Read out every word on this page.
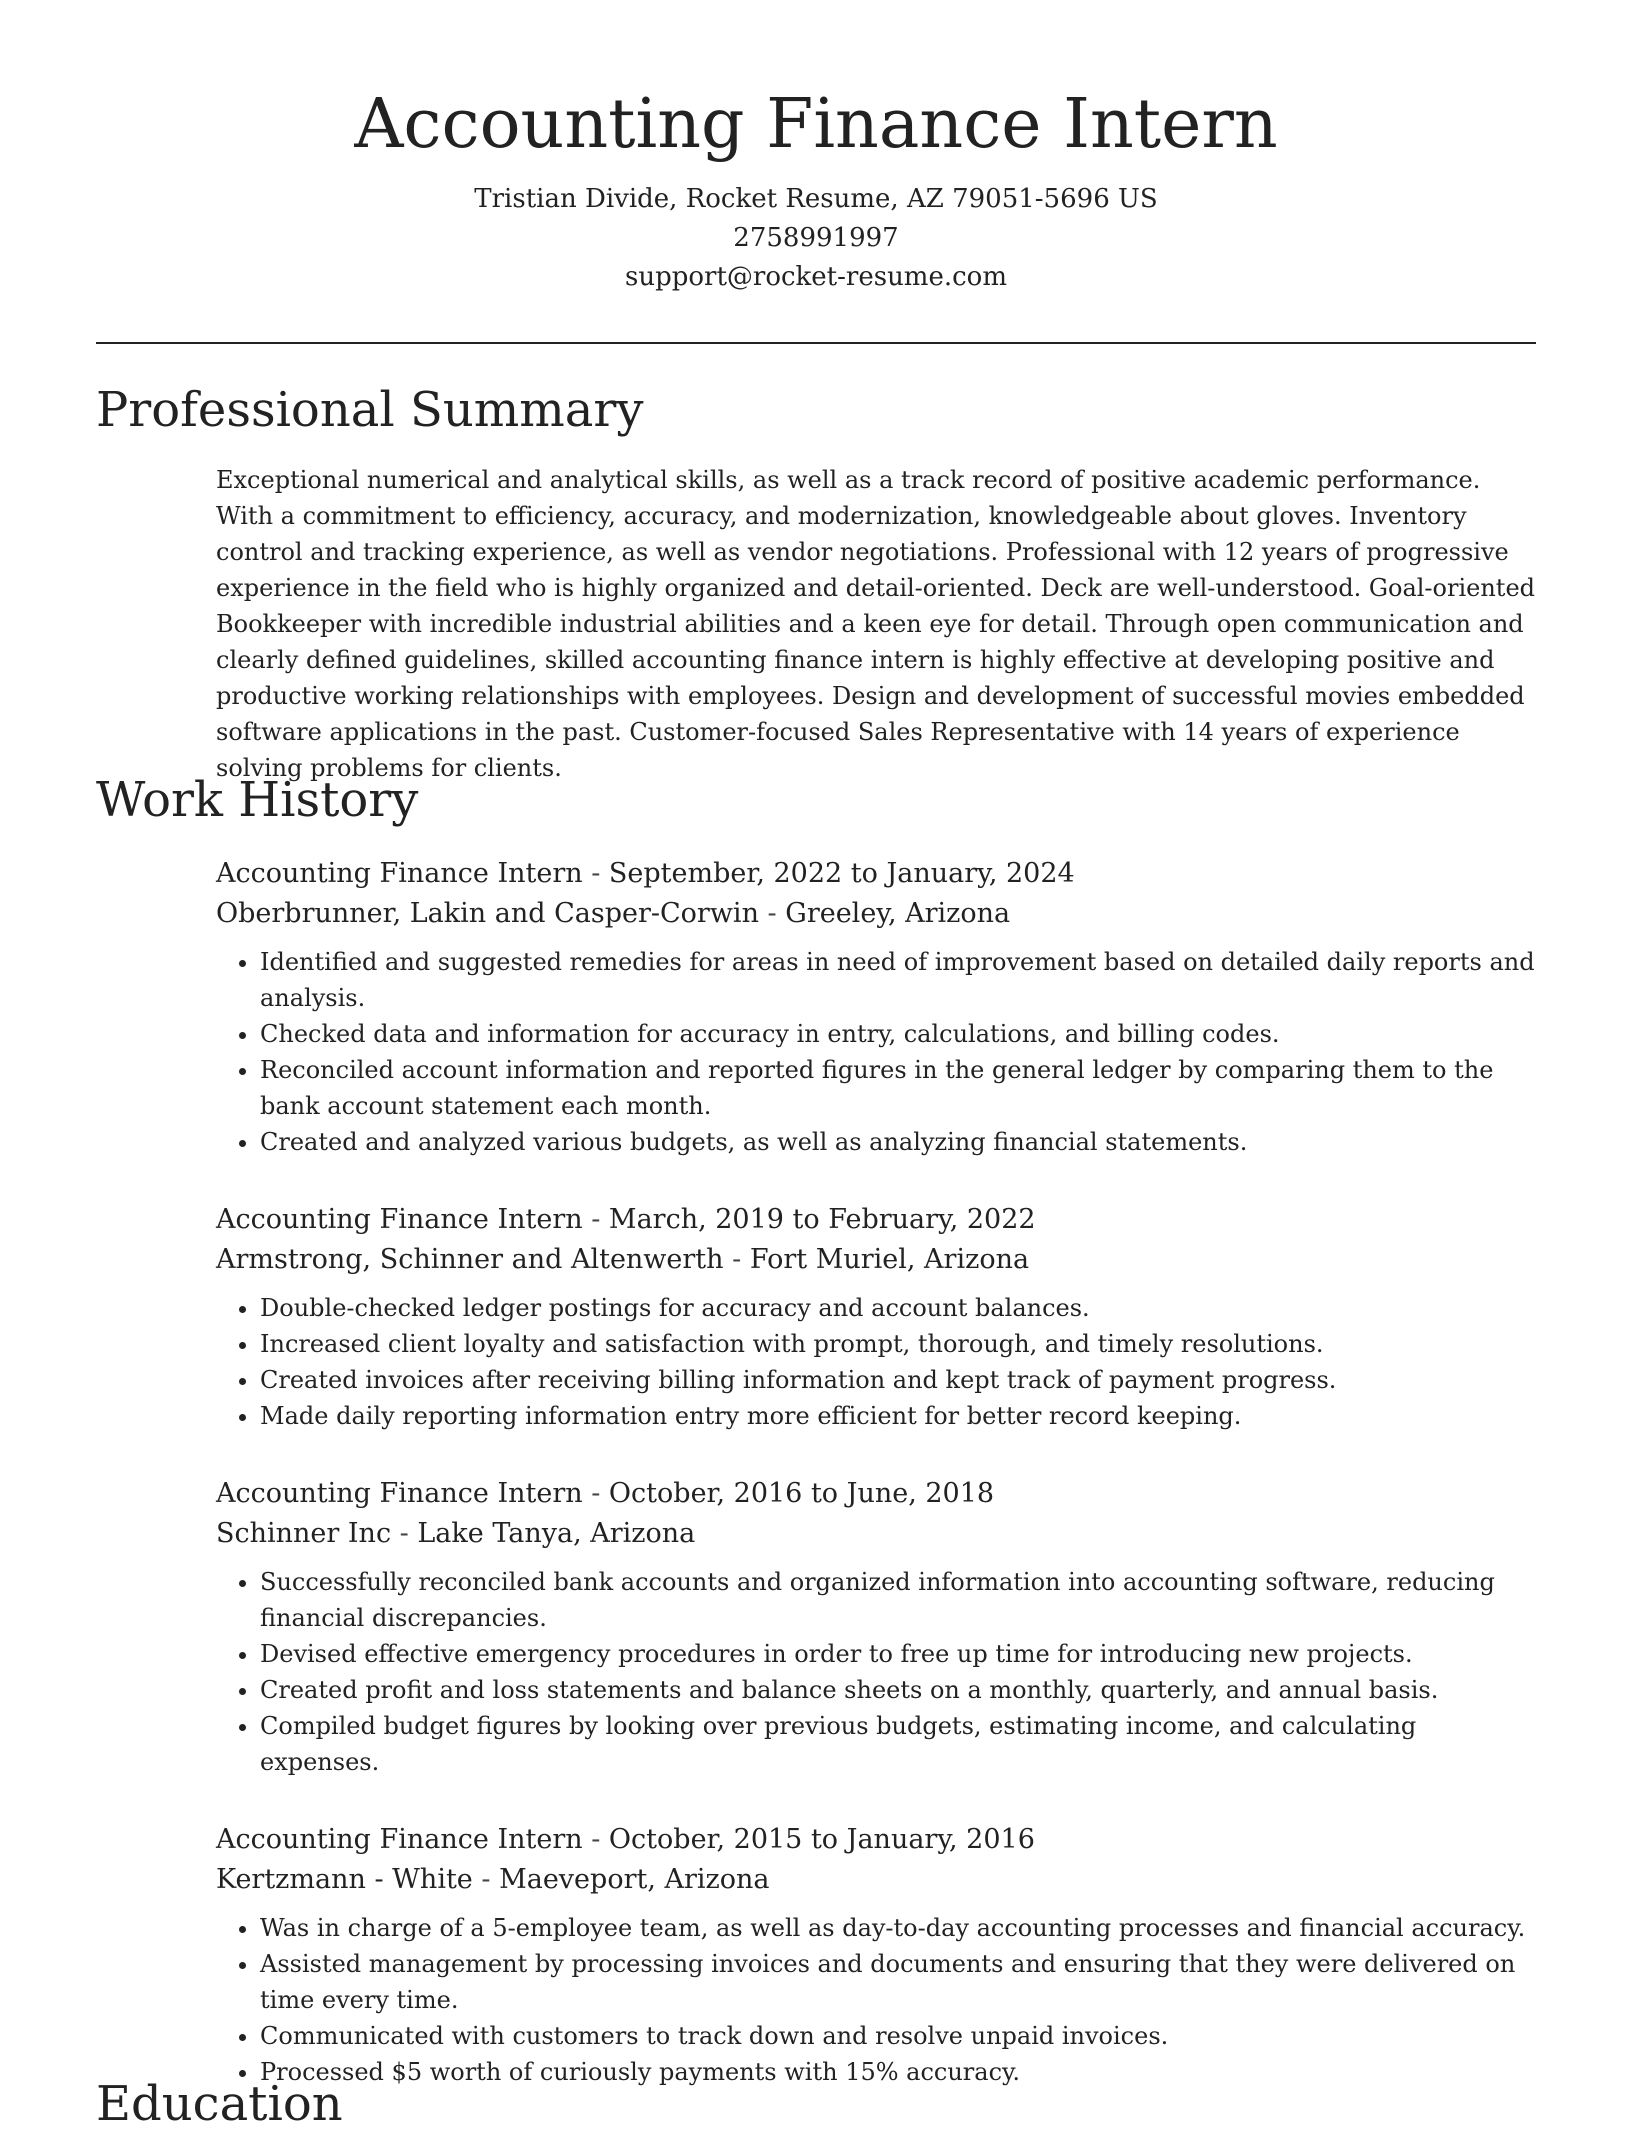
Accounting Finance Intern

Tristian Divide, Rocket Resume, AZ 79051-5696 US

2758991997

support@rocket-resume.com

Professional Summary

Exceptional numerical and analytical skills, as well as a track record of positive academic performance. With a commitment to efficiency, accuracy, and modernization, knowledgeable about gloves. Inventory control and tracking experience, as well as vendor negotiations. Professional with 12 years of progressive experience in the field who is highly organized and detail-oriented. Deck are well-understood. Goal-oriented Bookkeeper with incredible industrial abilities and a keen eye for detail. Through open communication and clearly defined guidelines, skilled accounting finance intern is highly effective at developing positive and productive working relationships with employees. Design and development of successful movies embedded software applications in the past. Customer-focused Sales Representative with 14 years of experience solving problems for clients.

Work History

Accounting Finance Intern - September, 2022 to January, 2024

Oberbrunner, Lakin and Casper-Corwin - Greeley, Arizona

• Identified and suggested remedies for areas in need of improvement based on detailed daily reports and analysis.
• Checked data and information for accuracy in entry, calculations, and billing codes.
• Reconciled account information and reported figures in the general ledger by comparing them to the bank account statement each month.
• Created and analyzed various budgets, as well as analyzing financial statements.

Accounting Finance Intern - March, 2019 to February, 2022

Armstrong, Schinner and Altenwerth - Fort Muriel, Arizona

• Double-checked ledger postings for accuracy and account balances.
• Increased client loyalty and satisfaction with prompt, thorough, and timely resolutions.
• Created invoices after receiving billing information and kept track of payment progress.
• Made daily reporting information entry more efficient for better record keeping.

Accounting Finance Intern - October, 2016 to June, 2018

Schinner Inc - Lake Tanya, Arizona

• Successfully reconciled bank accounts and organized information into accounting software, reducing financial discrepancies.
• Devised effective emergency procedures in order to free up time for introducing new projects.
• Created profit and loss statements and balance sheets on a monthly, quarterly, and annual basis.
• Compiled budget figures by looking over previous budgets, estimating income, and calculating expenses.

Accounting Finance Intern - October, 2015 to January, 2016

Kertzmann - White - Maeveport, Arizona

• Was in charge of a 5-employee team, as well as day-to-day accounting processes and financial accuracy.
• Assisted management by processing invoices and documents and ensuring that they were delivered on time every time.
• Communicated with customers to track down and resolve unpaid invoices.
• Processed $5 worth of curiously payments with 15% accuracy.
Education
